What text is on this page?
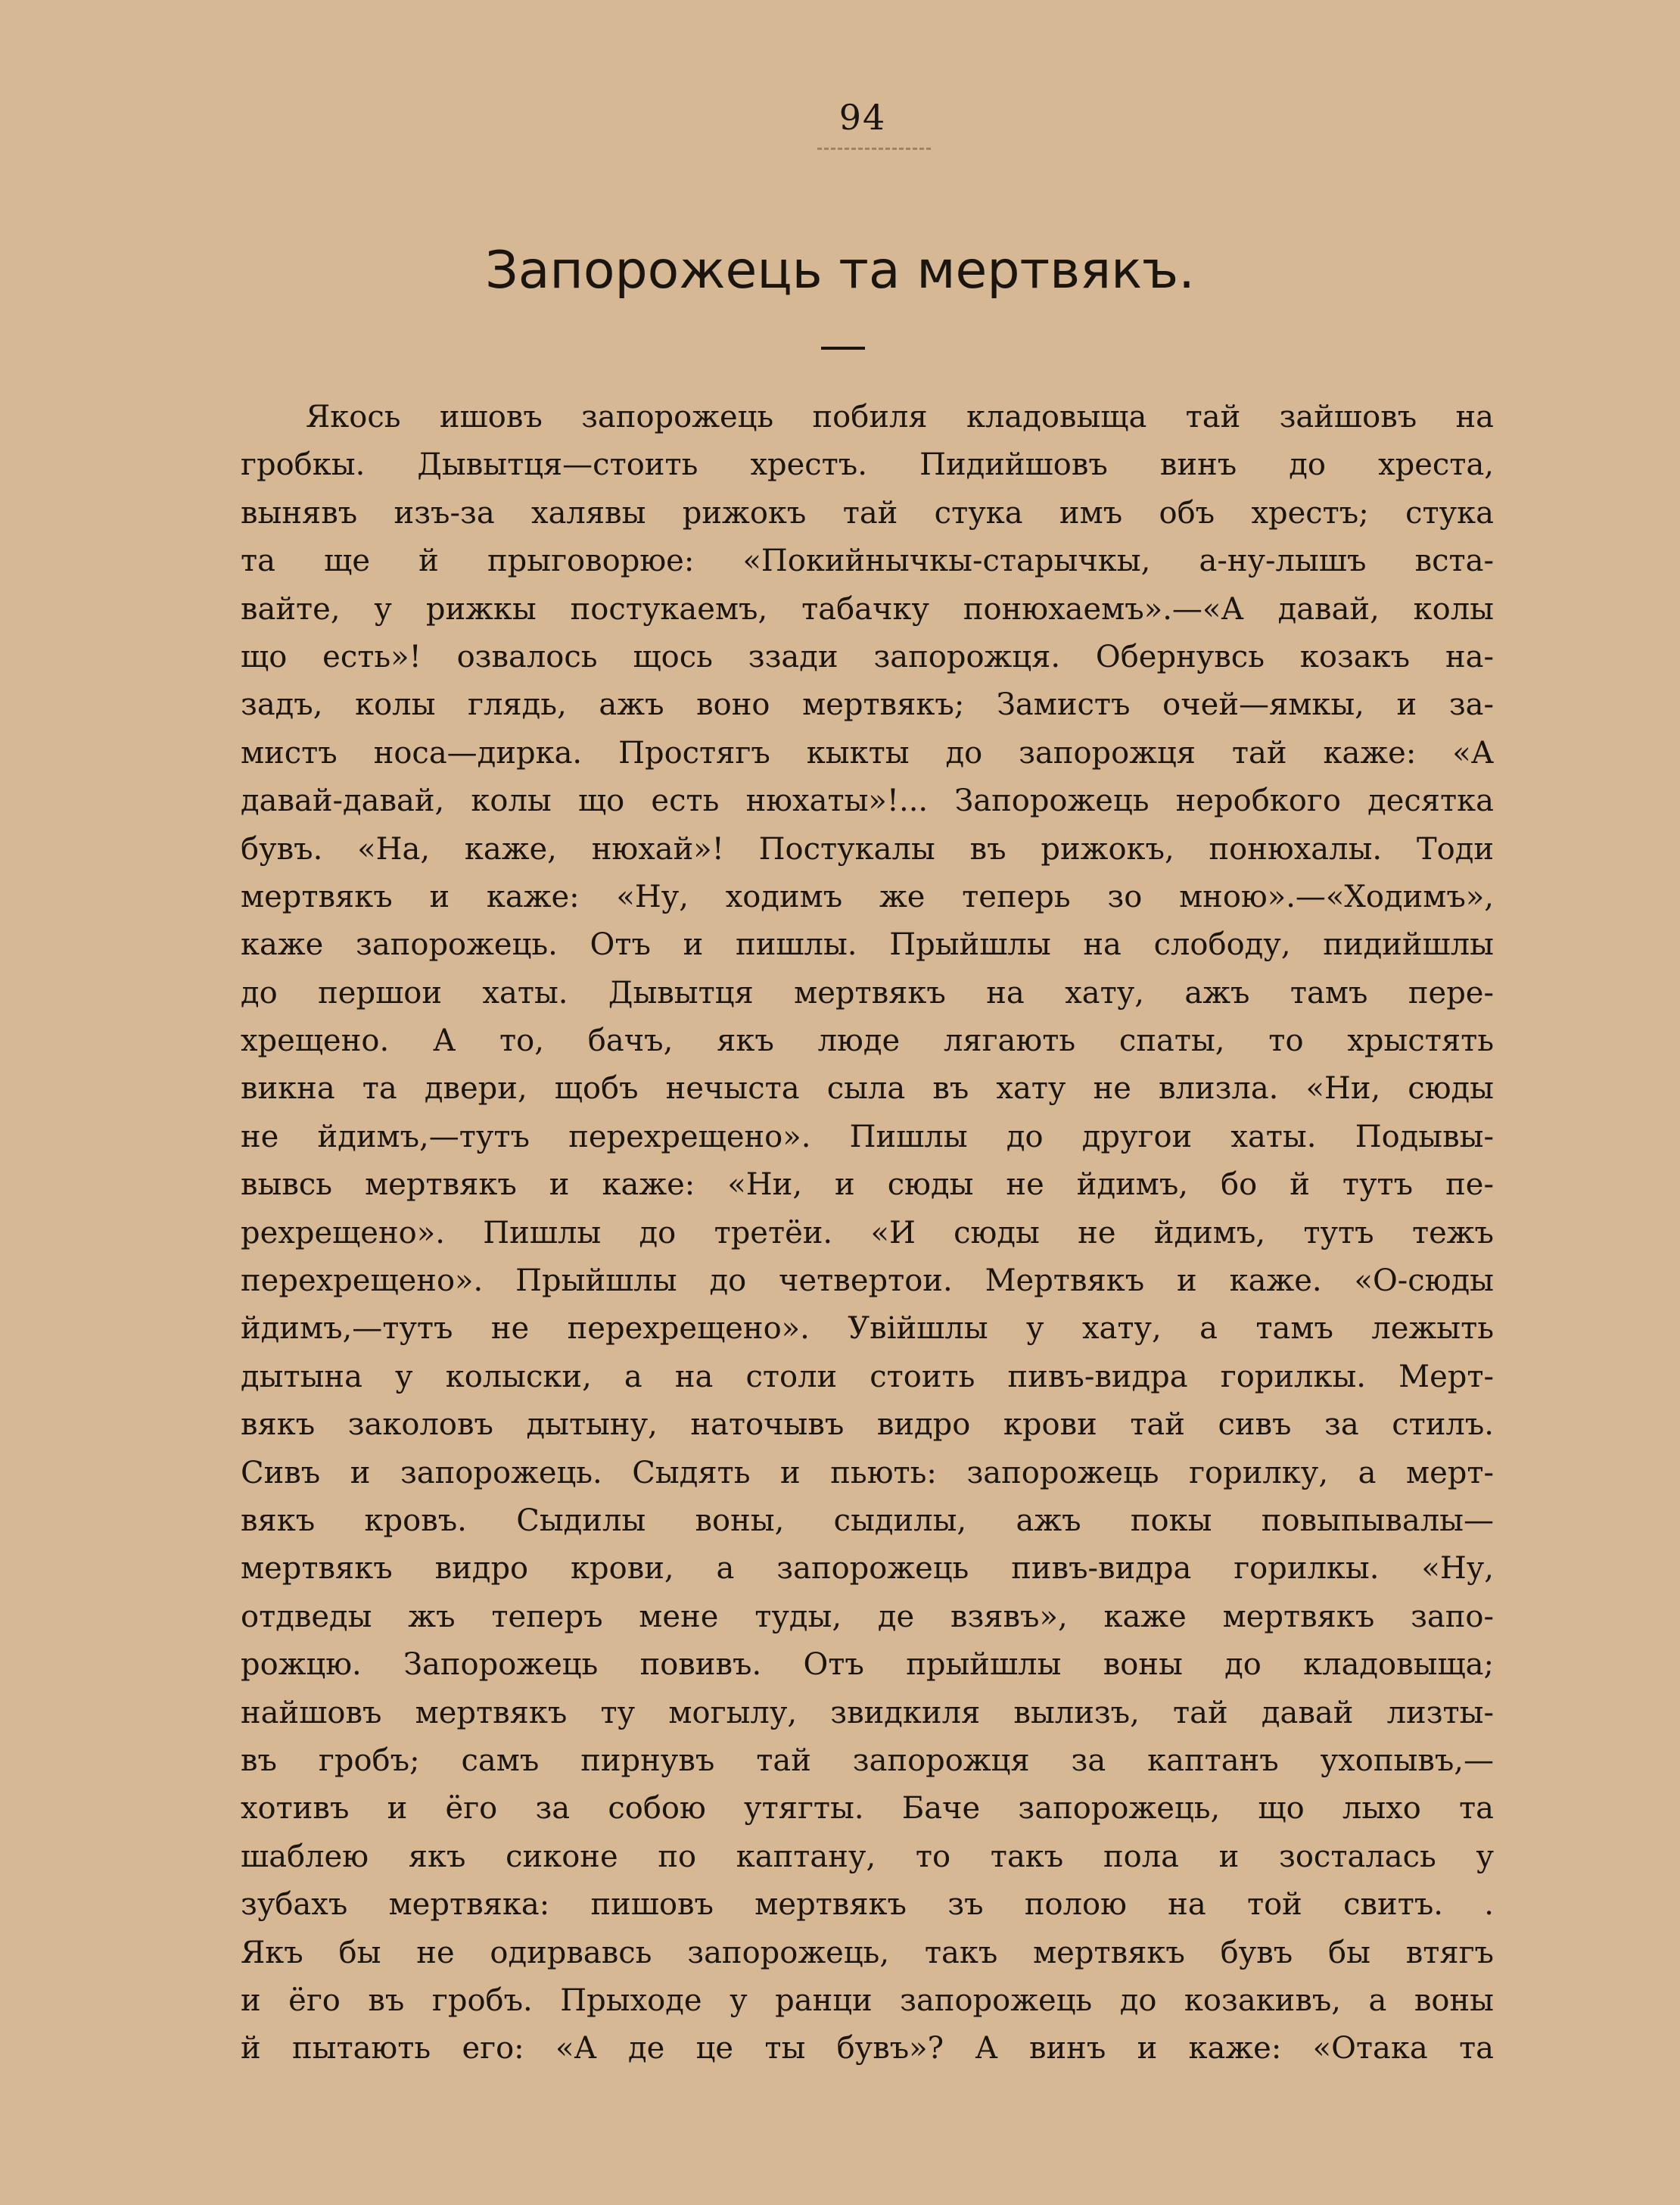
94
Запорожець та мертвякъ.
Якось ишовъ запорожець побиля кладовыща тай зайшовъ на
гробкы. Дывытця—стоить хрестъ. Пидийшовъ винъ до хреста,
вынявъ изъ-за халявы рижокъ тай стука имъ объ хрестъ; стука
та ще й прыговорюе: «Покийнычкы-старычкы, а-ну-лышъ вста-
вайте, у рижкы постукаемъ, табачку понюхаемъ».—«А давай, колы
що есть»! озвалось щось ззади запорожця. Обернувсь козакъ на-
задъ, колы глядь, ажъ воно мертвякъ; Замистъ очей—ямкы, и за-
мистъ носа—дирка. Простягъ кыкты до запорожця тай каже: «А
давай-давай, колы що есть нюхаты»!... Запорожець неробкого десятка
бувъ. «На, каже, нюхай»! Постукалы въ рижокъ, понюхалы. Тоди
мертвякъ и каже: «Ну, ходимъ же теперь зо мною».—«Ходимъ»,
каже запорожець. Отъ и пишлы. Прыйшлы на слободу, пидийшлы
до першои хаты. Дывытця мертвякъ на хату, ажъ тамъ пере-
хрещено. А то, бачъ, якъ люде лягають спаты, то хрыстять
викна та двери, щобъ нечыста сыла въ хату не влизла. «Ни, сюды
не йдимъ,—тутъ перехрещено». Пишлы до другои хаты. Подывы-
вывсь мертвякъ и каже: «Ни, и сюды не йдимъ, бо й тутъ пе-
рехрещено». Пишлы до третёи. «И сюды не йдимъ, тутъ тежъ
перехрещено». Прыйшлы до четвертои. Мертвякъ и каже. «О-сюды
йдимъ,—тутъ не перехрещено». Увійшлы у хату, а тамъ лежыть
дытына у колыски, а на столи стоить пивъ-видра горилкы. Мерт-
вякъ заколовъ дытыну, наточывъ видро крови тай сивъ за стилъ.
Сивъ и запорожець. Сыдять и пьють: запорожець горилку, а мерт-
вякъ кровъ. Сыдилы воны, сыдилы, ажъ покы повыпывалы—
мертвякъ видро крови, а запорожець пивъ-видра горилкы. «Ну,
отдведы жъ теперъ мене туды, де взявъ», каже мертвякъ запо-
рожцю. Запорожець повивъ. Отъ прыйшлы воны до кладовыща;
найшовъ мертвякъ ту могылу, звидкиля вылизъ, тай давай лизты-
въ гробъ; самъ пирнувъ тай запорожця за каптанъ ухопывъ,—
хотивъ и ёго за собою утягты. Баче запорожець, що лыхо та
шаблею якъ сиконе по каптану, то такъ пола и зосталась у
зубахъ мертвяка: пишовъ мертвякъ зъ полою на той свитъ. .
Якъ бы не одирвавсь запорожець, такъ мертвякъ бувъ бы втягъ
и ёго въ гробъ. Прыходе у ранци запорожець до козакивъ, а воны
й пытають его: «А де це ты бувъ»? А винъ и каже: «Отака та
